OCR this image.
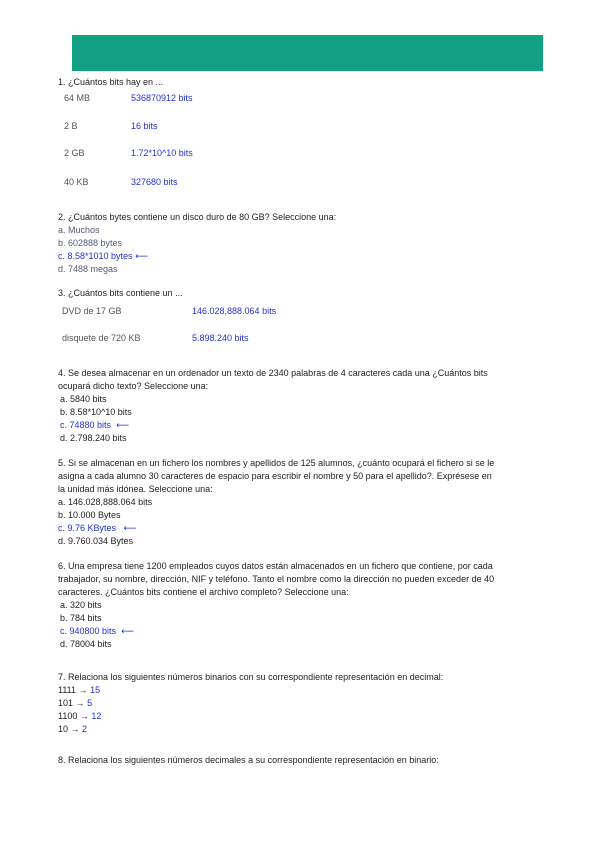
1. ¿Cuántos bits hay en ...

64 MB	536870912 bits
2 B	16 bits
2 GB	1.72*10^10 bits
40 KB	327680 bits

2. ¿Cuántos bytes contiene un disco duro de 80 GB? Seleccione una:

a. Muchos
b. 602888 bytes
c. 8.58*1010 bytes ⟵
d. 7488 megas

3. ¿Cuántos bits contiene un ...

DVD de 17 GB	146.028,888.064 bits
disquete de 720 KB	5.898.240 bits

4. Se desea almacenar en un ordenador un texto de 2340 palabras de 4 caracteres cada una ¿Cuántos bits

ocupará dicho texto? Seleccione una:

a. 5840 bits
b. 8.58*10^10 bits
c. 74880 bits ⟵
d. 2.798.240 bits

5. Si se almacenan en un fichero los nombres y apellidos de 125 alumnos, ¿cuánto ocupará el fichero si se le

asigna a cada alumno 30 caracteres de espacio para escribir el nombre y 50 para el apellido?. Exprésese en

la unidad más idónea. Seleccione una:

a. 146.028,888.064 bits
b. 10.000 Bytes
c. 9.76 KBytes ⟵
d. 9.760.034 Bytes

6. Una empresa tiene 1200 empleados cuyos datos están almacenados en un fichero que contiene, por cada

trabajador, su nombre, dirección, NIF y teléfono. Tanto el nombre como la dirección no pueden exceder de 40

caracteres. ¿Cuántos bits contiene el archivo completo? Seleccione una:

a. 320 bits
b. 784 bits
c. 940800 bits ⟵
d. 78004 bits

7. Relaciona los siguientes números binarios con su correspondiente representación en decimal:

1111 → 15
101 → 5
1100 → 12
10 → 2

8. Relaciona los siguientes números decimales a su correspondiente representación en binario:
